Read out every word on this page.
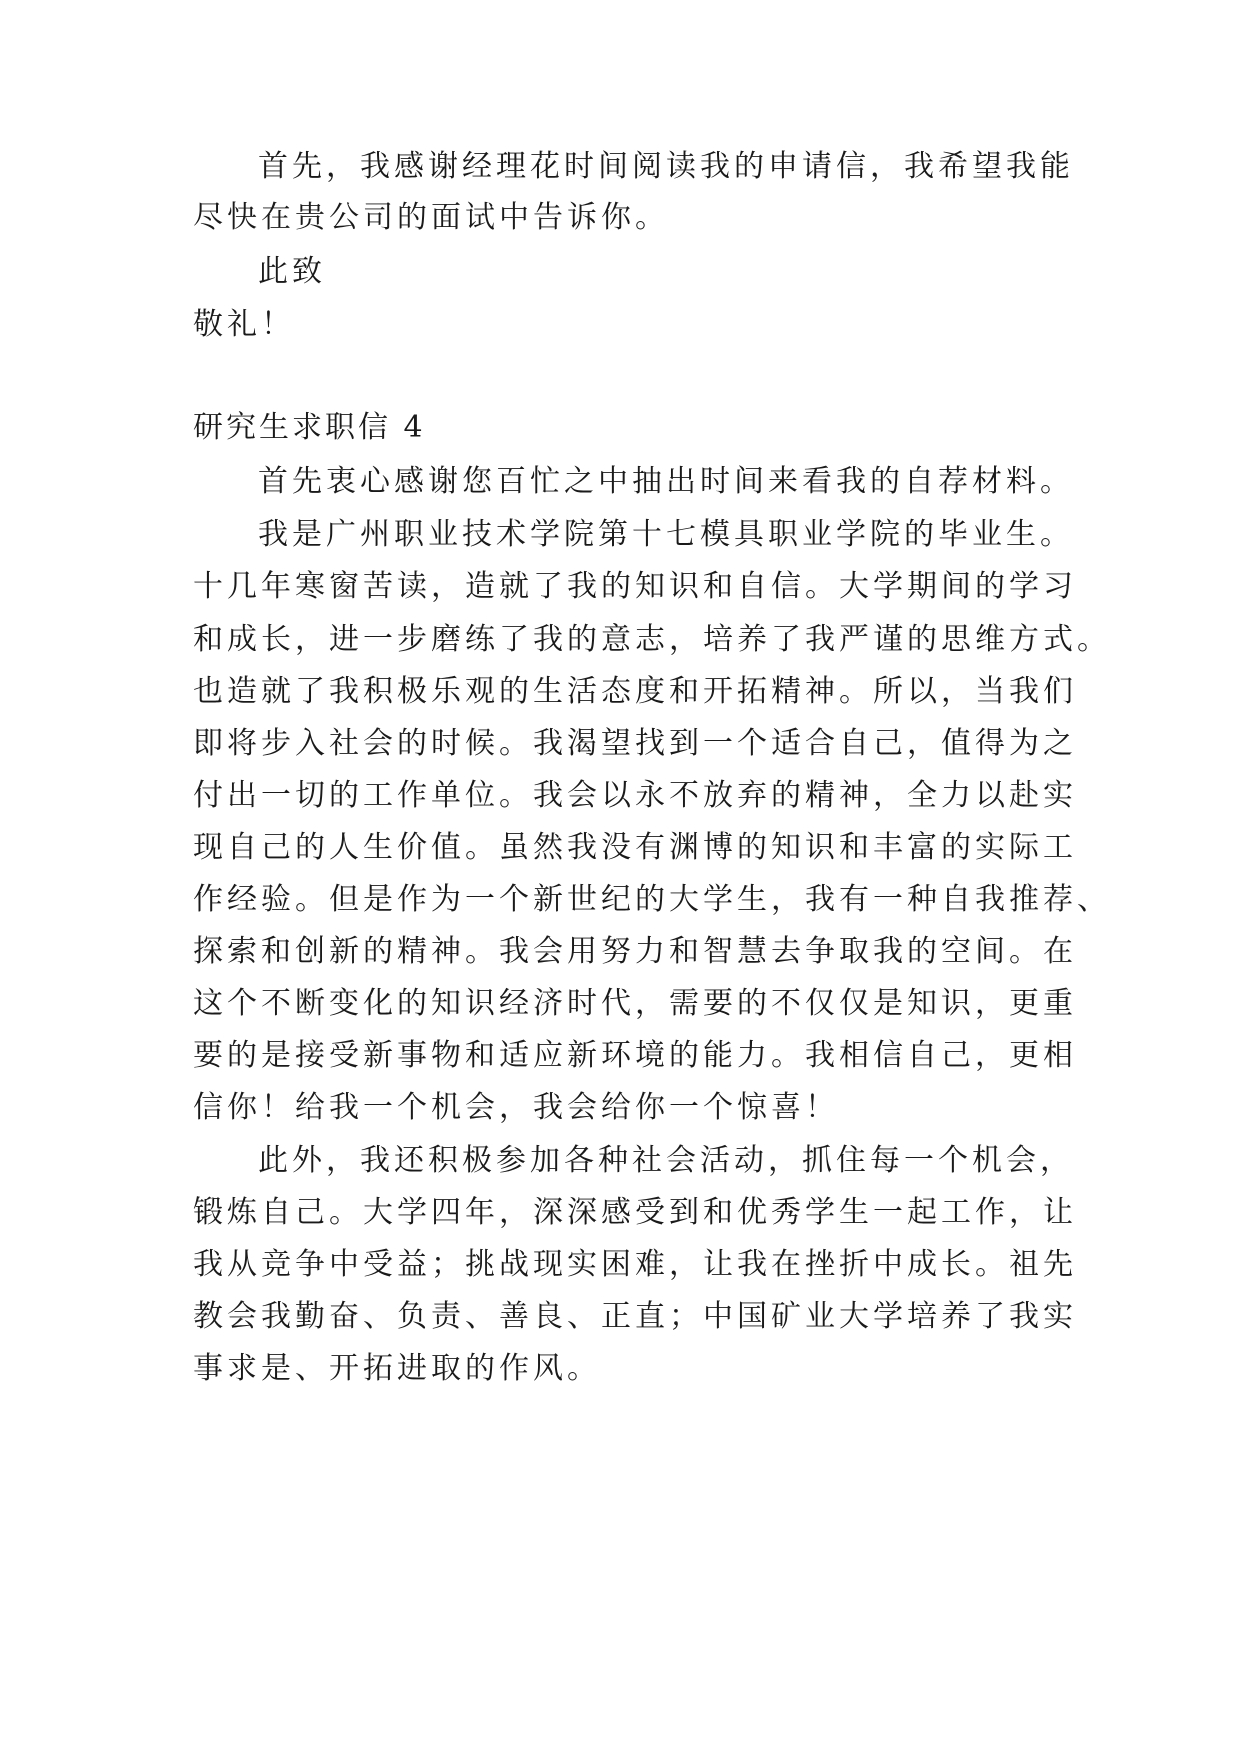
首先，我感谢经理花时间阅读我的申请信，我希望我能
尽快在贵公司的面试中告诉你。
此致
敬礼！
研究生求职信 4
首先衷心感谢您百忙之中抽出时间来看我的自荐材料。
我是广州职业技术学院第十七模具职业学院的毕业生。
十几年寒窗苦读，造就了我的知识和自信。大学期间的学习
和成长，进一步磨练了我的意志，培养了我严谨的思维方式。
也造就了我积极乐观的生活态度和开拓精神。所以，当我们
即将步入社会的时候。我渴望找到一个适合自己，值得为之
付出一切的工作单位。我会以永不放弃的精神，全力以赴实
现自己的人生价值。虽然我没有渊博的知识和丰富的实际工
作经验。但是作为一个新世纪的大学生，我有一种自我推荐、
探索和创新的精神。我会用努力和智慧去争取我的空间。在
这个不断变化的知识经济时代，需要的不仅仅是知识，更重
要的是接受新事物和适应新环境的能力。我相信自己，更相
信你！给我一个机会，我会给你一个惊喜！
此外，我还积极参加各种社会活动，抓住每一个机会，
锻炼自己。大学四年，深深感受到和优秀学生一起工作，让
我从竞争中受益；挑战现实困难，让我在挫折中成长。祖先
教会我勤奋、负责、善良、正直；中国矿业大学培养了我实
事求是、开拓进取的作风。
